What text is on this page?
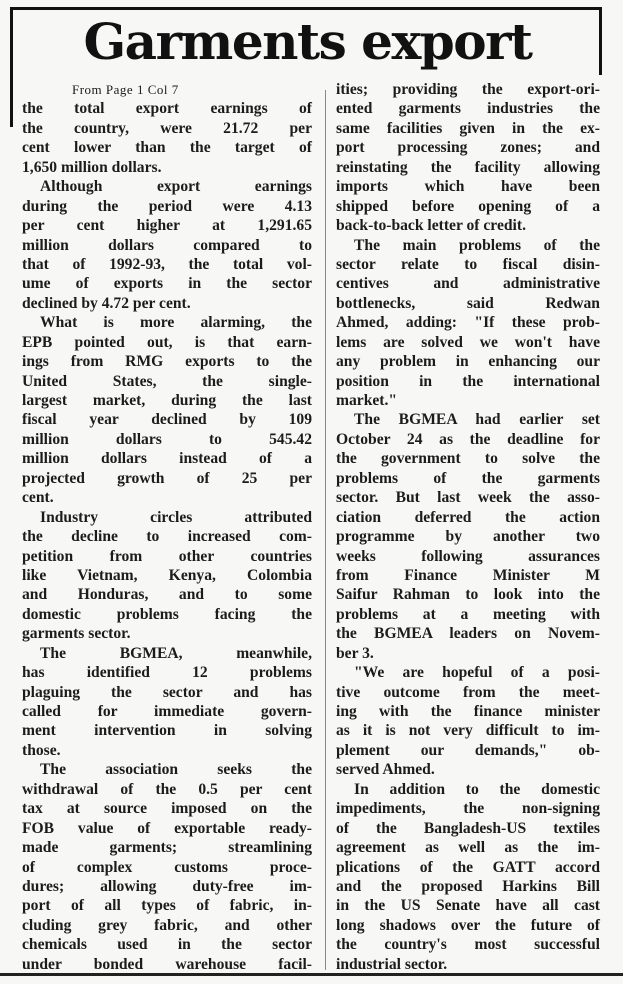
Garments export
From Page 1 Col 7
the total export earnings of
the country, were 21.72 per
cent lower than the target of
1,650 million dollars.
Although export earnings
during the period were 4.13
per cent higher at 1,291.65
million dollars compared to
that of 1992-93, the total vol-
ume of exports in the sector
declined by 4.72 per cent.
What is more alarming, the
EPB pointed out, is that earn-
ings from RMG exports to the
United States, the single-
largest market, during the last
fiscal year declined by 109
million dollars to 545.42
million dollars instead of a
projected growth of 25 per
cent.
Industry circles attributed
the decline to increased com-
petition from other countries
like Vietnam, Kenya, Colombia
and Honduras, and to some
domestic problems facing the
garments sector.
The BGMEA, meanwhile,
has identified 12 problems
plaguing the sector and has
called for immediate govern-
ment intervention in solving
those.
The association seeks the
withdrawal of the 0.5 per cent
tax at source imposed on the
FOB value of exportable ready-
made garments; streamlining
of complex customs proce-
dures; allowing duty-free im-
port of all types of fabric, in-
cluding grey fabric, and other
chemicals used in the sector
under bonded warehouse facil-
ities; providing the export-ori-
ented garments industries the
same facilities given in the ex-
port processing zones; and
reinstating the facility allowing
imports which have been
shipped before opening of a
back-to-back letter of credit.
The main problems of the
sector relate to fiscal disin-
centives and administrative
bottlenecks, said Redwan
Ahmed, adding: "If these prob-
lems are solved we won't have
any problem in enhancing our
position in the international
market."
The BGMEA had earlier set
October 24 as the deadline for
the government to solve the
problems of the garments
sector. But last week the asso-
ciation deferred the action
programme by another two
weeks following assurances
from Finance Minister M
Saifur Rahman to look into the
problems at a meeting with
the BGMEA leaders on Novem-
ber 3.
"We are hopeful of a posi-
tive outcome from the meet-
ing with the finance minister
as it is not very difficult to im-
plement our demands," ob-
served Ahmed.
In addition to the domestic
impediments, the non-signing
of the Bangladesh-US textiles
agreement as well as the im-
plications of the GATT accord
and the proposed Harkins Bill
in the US Senate have all cast
long shadows over the future of
the country's most successful
industrial sector.
